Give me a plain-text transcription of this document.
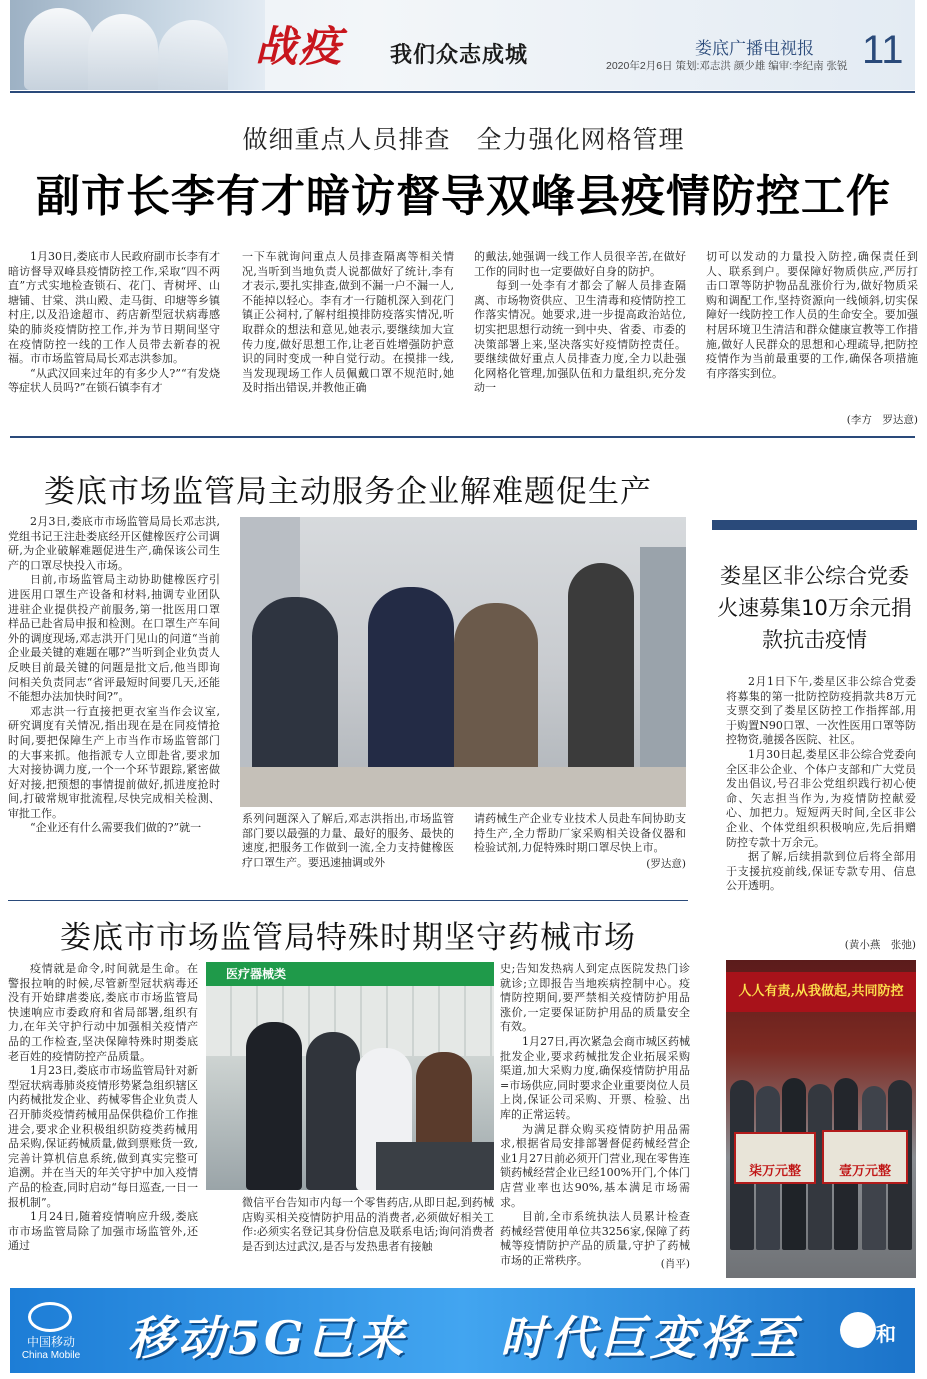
战疫 我们众志成城	娄底广播电视报 11
2020年2月6日 策划:邓志洪 颜少雄 编审:李纪南 张锐
做细重点人员排查　全力强化网格管理
副市长李有才暗访督导双峰县疫情防控工作

1月30日,娄底市人民政府副市长李有才暗访督导双峰县疫情防控工作,采取“四不两直”方式实地检查锁石、花门、青树坪、山塘铺、甘棠、洪山殿、走马街、印塘等乡镇村庄,以及沿途超市、药店新型冠状病毒感染的肺炎疫情防控工作,并为节日期间坚守在疫情防控一线的工作人员带去新春的祝福。市市场监管局局长邓志洪参加。

“从武汉回来过年的有多少人?”“有发烧等症状人员吗?”在锁石镇李有才

一下车就询问重点人员排查隔离等相关情况,当听到当地负责人说都做好了统计,李有才表示,要扎实排查,做到不漏一户不漏一人,不能掉以轻心。李有才一行随机深入到花门镇正公祠村,了解村组摸排防疫落实情况,听取群众的想法和意见,她表示,要继续加大宣传力度,做好思想工作,让老百姓增强防护意识的同时变成一种自觉行动。在摸排一线,当发现现场工作人员佩戴口罩不规范时,她及时指出错误,并教他正确

的戴法,她强调一线工作人员很辛苦,在做好工作的同时也一定要做好自身的防护。

每到一处李有才都会了解人员排查隔离、市场物资供应、卫生清毒和疫情防控工作落实情况。她要求,进一步提高政治站位,切实把思想行动统一到中央、省委、市委的决策部署上来,坚决落实好疫情防控责任。要继续做好重点人员排查力度,全力以赴强化网格化管理,加强队伍和力量组织,充分发动一

切可以发动的力量投入防控,确保责任到人、联系到户。要保障好物质供应,严厉打击口罩等防护物品乱涨价行为,做好物质采购和调配工作,坚持资源向一线倾斜,切实保障好一线防控工作人员的生命安全。要加强村居环境卫生清洁和群众健康宣教等工作措施,做好人民群众的思想和心理疏导,把防控疫情作为当前最重要的工作,确保各项措施有序落实到位。

(李方　罗达意)
娄底市场监管局主动服务企业解难题促生产

2月3日,娄底市市场监管局局长邓志洪,党组书记王注赴娄底经开区健橡医疗公司调研,为企业破解难题促进生产,确保该公司生产的口罩尽快投入市场。

日前,市场监管局主动协助健橡医疗引进医用口罩生产设备和材料,抽调专业团队进驻企业提供投产前服务,第一批医用口罩样品已赴省局申报和检测。在口罩生产车间外的调度现场,邓志洪开门见山的问道“当前企业最关键的难题在哪?”当听到企业负责人反映目前最关键的问题是批文后,他当即询问相关负责同志“省评最短时间要几天,还能不能想办法加快时间?”。

邓志洪一行直接把更衣室当作会议室,研究调度有关情况,指出现在是在同疫情抢时间,要把保障生产上市当作市场监管部门的大事来抓。他指派专人立即赴省,要求加大对接协调力度,一个一个环节跟踪,紧密做好对接,把预想的事情提前做好,抓进度抢时间,打破常规审批流程,尽快完成相关检测、审批工作。

“企业还有什么需要我们做的?”就一

系列问题深入了解后,邓志洪指出,市场监管部门要以最强的力量、最好的服务、最快的速度,把服务工作做到一流,全力支持健橡医疗口罩生产。要迅速抽调或外

请药械生产企业专业技术人员赴车间协助支持生产,全力帮助厂家采购相关设备仪器和检验试剂,力促特殊时期口罩尽快上市。

(罗达意)
娄星区非公综合党委火速募集10万余元捐款抗击疫情

2月1日下午,娄星区非公综合党委将募集的第一批防控防疫捐款共8万元支票交到了娄星区防控工作指挥部,用于购置N90口罩、一次性医用口罩等防控物资,驰援各医院、社区。

1月30日起,娄星区非公综合党委向全区非公企业、个体户支部和广大党员发出倡议,号召非公党组织践行初心使命、矢志担当作为,为疫情防控献爱心、加把力。短短两天时间,全区非公企业、个体党组织积极响应,先后捐赠防控专款十万余元。

据了解,后续捐款到位后将全部用于支援抗疫前线,保证专款专用、信息公开透明。

(黄小燕　张弛)
人人有责,从我做起,共同防控
柒万元整	壹万元整
娄底市市场监管局特殊时期坚守药械市场

疫情就是命令,时间就是生命。在警报拉响的时候,尽管新型冠状病毒还没有开始肆虐娄底,娄底市市场监管局快速响应市委政府和省局部署,组织有力,在年关守护行动中加强相关疫情产品的工作检查,坚决保障特殊时期娄底老百姓的疫情防控产品质量。

1月23日,娄底市市场监管局针对新型冠状病毒肺炎疫情形势紧急组织辖区内药械批发企业、药械零售企业负责人召开肺炎疫情药械用品保供稳价工作推进会,要求企业积极组织防疫类药械用品采购,保证药械质量,做到票账货一致,完善计算机信息系统,做到真实完整可追溯。并在当天的年关守护中加入疫情产品的检查,同时启动“每日巡查,一日一报机制”。

1月24日,随着疫情响应升级,娄底市市场监管局除了加强市场监管外,还通过

医疗器械类

微信平台告知市内每一个零售药店,从即日起,到药械店购买相关疫情防护用品的消费者,必须做好相关工作:必须实名登记其身份信息及联系电话;询问消费者是否到达过武汉,是否与发热患者有接触

史;告知发热病人到定点医院发热门诊就诊;立即报告当地疾病控制中心。疫情防控期间,要严禁相关疫情防护用品涨价,一定要保证防护用品的质量安全有效。

1月27日,再次紧急会商市城区药械批发企业,要求药械批发企业拓展采购渠道,加大采购力度,确保疫情防护用品=市场供应,同时要求企业重要岗位人员上岗,保证公司采购、开票、检验、出库的正常运转。

为满足群众购买疫情防护用品需求,根据省局安排部署督促药械经营企业1月27日前必须开门营业,现在零售连锁药械经营企业已经100%开门,个体门店营业率也达90%,基本满足市场需求。

目前,全市系统执法人员累计检查药械经营使用单位共3256家,保障了药械等疫情防护产品的质量,守护了药械市场的正常秩序。	(肖平)
中国移动
China Mobile 移动5G已来 时代巨变将至	和
